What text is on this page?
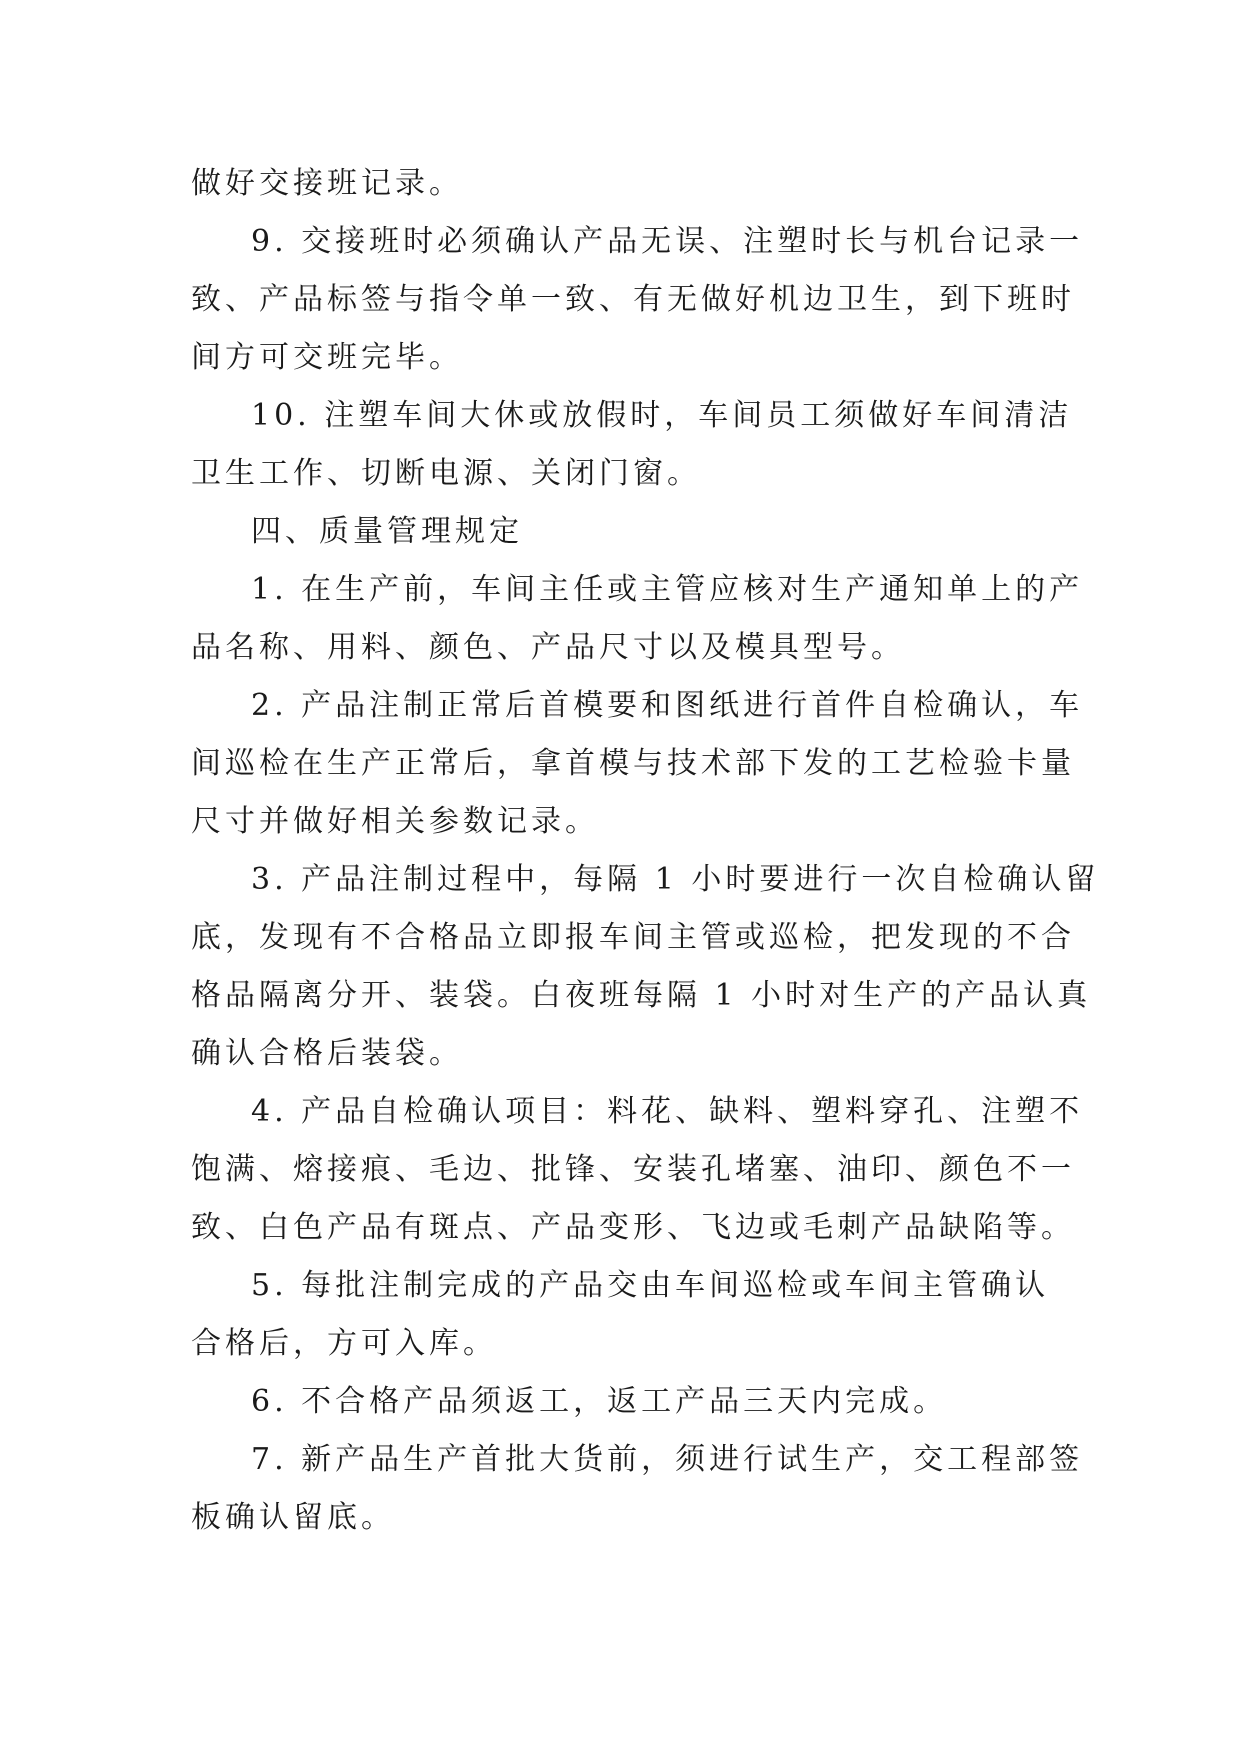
做好交接班记录。
9. 交接班时必须确认产品无误、注塑时长与机台记录一
致、产品标签与指令单一致、有无做好机边卫生，到下班时
间方可交班完毕。
10. 注塑车间大休或放假时，车间员工须做好车间清洁
卫生工作、切断电源、关闭门窗。
四、质量管理规定
1. 在生产前，车间主任或主管应核对生产通知单上的产
品名称、用料、颜色、产品尺寸以及模具型号。
2. 产品注制正常后首模要和图纸进行首件自检确认，车
间巡检在生产正常后，拿首模与技术部下发的工艺检验卡量
尺寸并做好相关参数记录。
3. 产品注制过程中，每隔 1 小时要进行一次自检确认留
底，发现有不合格品立即报车间主管或巡检，把发现的不合
格品隔离分开、装袋。白夜班每隔 1 小时对生产的产品认真
确认合格后装袋。
4. 产品自检确认项目：料花、缺料、塑料穿孔、注塑不
饱满、熔接痕、毛边、批锋、安装孔堵塞、油印、颜色不一
致、白色产品有斑点、产品变形、飞边或毛刺产品缺陷等。
5. 每批注制完成的产品交由车间巡检或车间主管确认
合格后，方可入库。
6. 不合格产品须返工，返工产品三天内完成。
7. 新产品生产首批大货前，须进行试生产，交工程部签
板确认留底。
